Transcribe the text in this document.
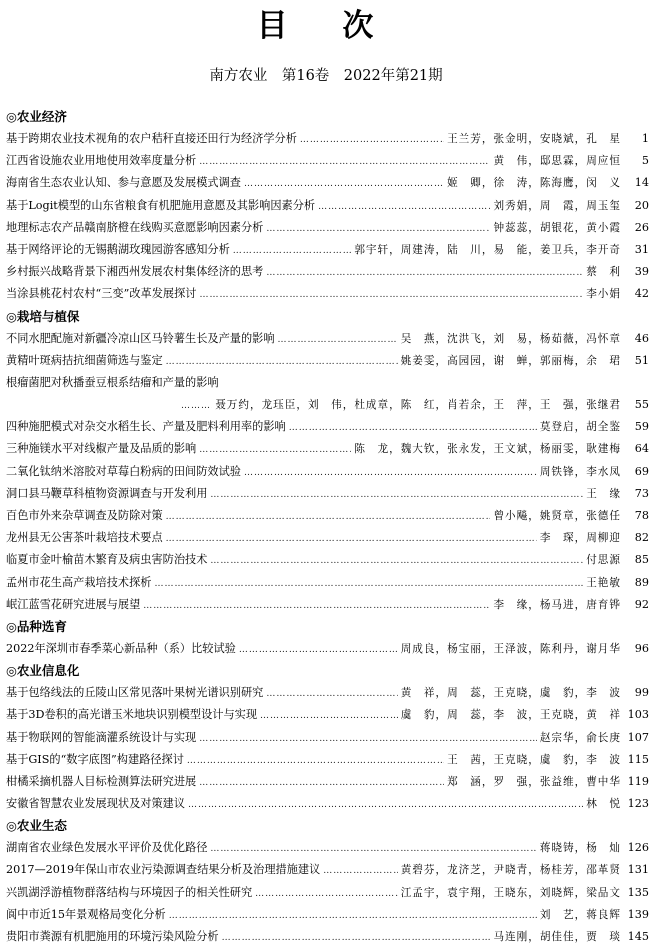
目 次
南方农业　第16卷　2022年第21期
◎农业经济
基于跨期农业技术视角的农户秸秆直接还田行为经济学分析 ………………………………………………………………………………………………………………………………………………………………………………………	王兰芳，张金明，安晓斌，孔　星	1
江西省设施农业用地使用效率度量分析 ………………………………………………………………………………………………………………………………………………………………………………………	黄　伟，邸思霖，周应恒	5
海南省生态农业认知、参与意愿及发展模式调查 ………………………………………………………………………………………………………………………………………………………………………………………	姬　卿，徐　涛，陈海鹰，闵　义	14
基于Logit模型的山东省粮食有机肥施用意愿及其影响因素分析 ………………………………………………………………………………………………………………………………………………………………………………………	刘秀娟，周　霞，周玉玺	20
地理标志农产品赣南脐橙在线购买意愿影响因素分析 ………………………………………………………………………………………………………………………………………………………………………………………	钟蕊蕊，胡银花，黄小霞	26
基于网络评论的无锡鹅湖玫瑰园游客感知分析 ………………………………………………………………………………………………………………………………………………………………………………………	郭宇轩，周建涛，陆　川，易　能，姜卫兵，李开奇	31
乡村振兴战略背景下湘西州发展农村集体经济的思考 ………………………………………………………………………………………………………………………………………………………………………………………	蔡　利	39
当涂县桃花村农村“三变”改革发展探讨 ………………………………………………………………………………………………………………………………………………………………………………………	李小娟	42
◎栽培与植保
不同水肥配施对新疆冷凉山区马铃薯生长及产量的影响 ………………………………………………………………………………………………………………………………………………………………………………………	吴　燕，沈洪飞，刘　易，杨茹薇，冯怀章	46
黄精叶斑病拮抗细菌筛选与鉴定 ………………………………………………………………………………………………………………………………………………………………………………………	姚姜雯，高园园，谢　蝉，郭丽梅，余　珺	51
根瘤菌肥对秋播蚕豆根系结瘤和产量的影响
………………………………………………………………………………………………………………………………………………………………………………………
聂万约，龙珏臣，刘　伟，杜成章，陈　红，肖若余，王　萍，王　强，张继君	55
四种施肥模式对杂交水稻生长、产量及肥料利用率的影响 ………………………………………………………………………………………………………………………………………………………………………………………	莫登启，胡全鉴	59
三种施镁水平对线椒产量及品质的影响 ………………………………………………………………………………………………………………………………………………………………………………………	陈　龙，魏大钦，张永发，王文斌，杨丽雯，耿建梅	64
二氧化钛纳米溶胶对草莓白粉病的田间防效试验 ………………………………………………………………………………………………………………………………………………………………………………………	周铁锋，李水凤	69
洞口县马鞭草科植物资源调查与开发利用 ………………………………………………………………………………………………………………………………………………………………………………………	王　缘	73
百色市外来杂草调查及防除对策 ………………………………………………………………………………………………………………………………………………………………………………………	曾小飚，姚贤章，张德任	78
龙州县无公害茶叶栽培技术要点 ………………………………………………………………………………………………………………………………………………………………………………………	李　琛，周柳迎	82
临夏市金叶榆苗木繁育及病虫害防治技术 ………………………………………………………………………………………………………………………………………………………………………………………	付思源	85
孟州市花生高产栽培技术探析 ………………………………………………………………………………………………………………………………………………………………………………………	王艳敏	89
岷江蓝雪花研究进展与展望 ………………………………………………………………………………………………………………………………………………………………………………………	李　缘，杨马进，唐育铧	92
◎品种选育
2022年深圳市春季菜心新品种（系）比较试验 ………………………………………………………………………………………………………………………………………………………………………………………	周成良，杨宝丽，王泽波，陈利丹，谢月华	96
◎农业信息化
基于包络线法的丘陵山区常见落叶果树光谱识别研究 ………………………………………………………………………………………………………………………………………………………………………………………	黄　祥，周　蕊，王克晓，虞　豹，李　波	99
基于3D卷积的高光谱玉米地块识别模型设计与实现 ………………………………………………………………………………………………………………………………………………………………………………………	虞　豹，周　蕊，李　波，王克晓，黄　祥 103
基于物联网的智能滴灌系统设计与实现 ………………………………………………………………………………………………………………………………………………………………………………………	赵宗华，俞长庚 107
基于GIS的“数字底图”构建路径探讨 ………………………………………………………………………………………………………………………………………………………………………………………	王　茜，王克晓，虞　豹，李　波 115
柑橘采摘机器人目标检测算法研究进展 ………………………………………………………………………………………………………………………………………………………………………………………	郑　涵，罗　强，张益维，曹中华 119
安徽省智慧农业发展现状及对策建议 ………………………………………………………………………………………………………………………………………………………………………………………	林　悦 123
◎农业生态
湖南省农业绿色发展水平评价及优化路径 ………………………………………………………………………………………………………………………………………………………………………………………	蒋晓铸，杨　灿 126
2017—2019年保山市农业污染源调查结果分析及治理措施建议 ………………………………………………………………………………………………………………………………………………………………………………………	黄碧芬，龙济芝，尹晓青，杨桂芳，邵革贤 131
兴凯湖浮游植物群落结构与环境因子的相关性研究 ………………………………………………………………………………………………………………………………………………………………………………………	江孟宇，袁宇翔，王晓东，刘晓辉，梁品文 135
阆中市近15年景观格局变化分析 ………………………………………………………………………………………………………………………………………………………………………………………	刘　艺，蒋良辉 139
贵阳市粪源有机肥施用的环境污染风险分析 ………………………………………………………………………………………………………………………………………………………………………………………	马连刚，胡佳佳，贾　琰 145
